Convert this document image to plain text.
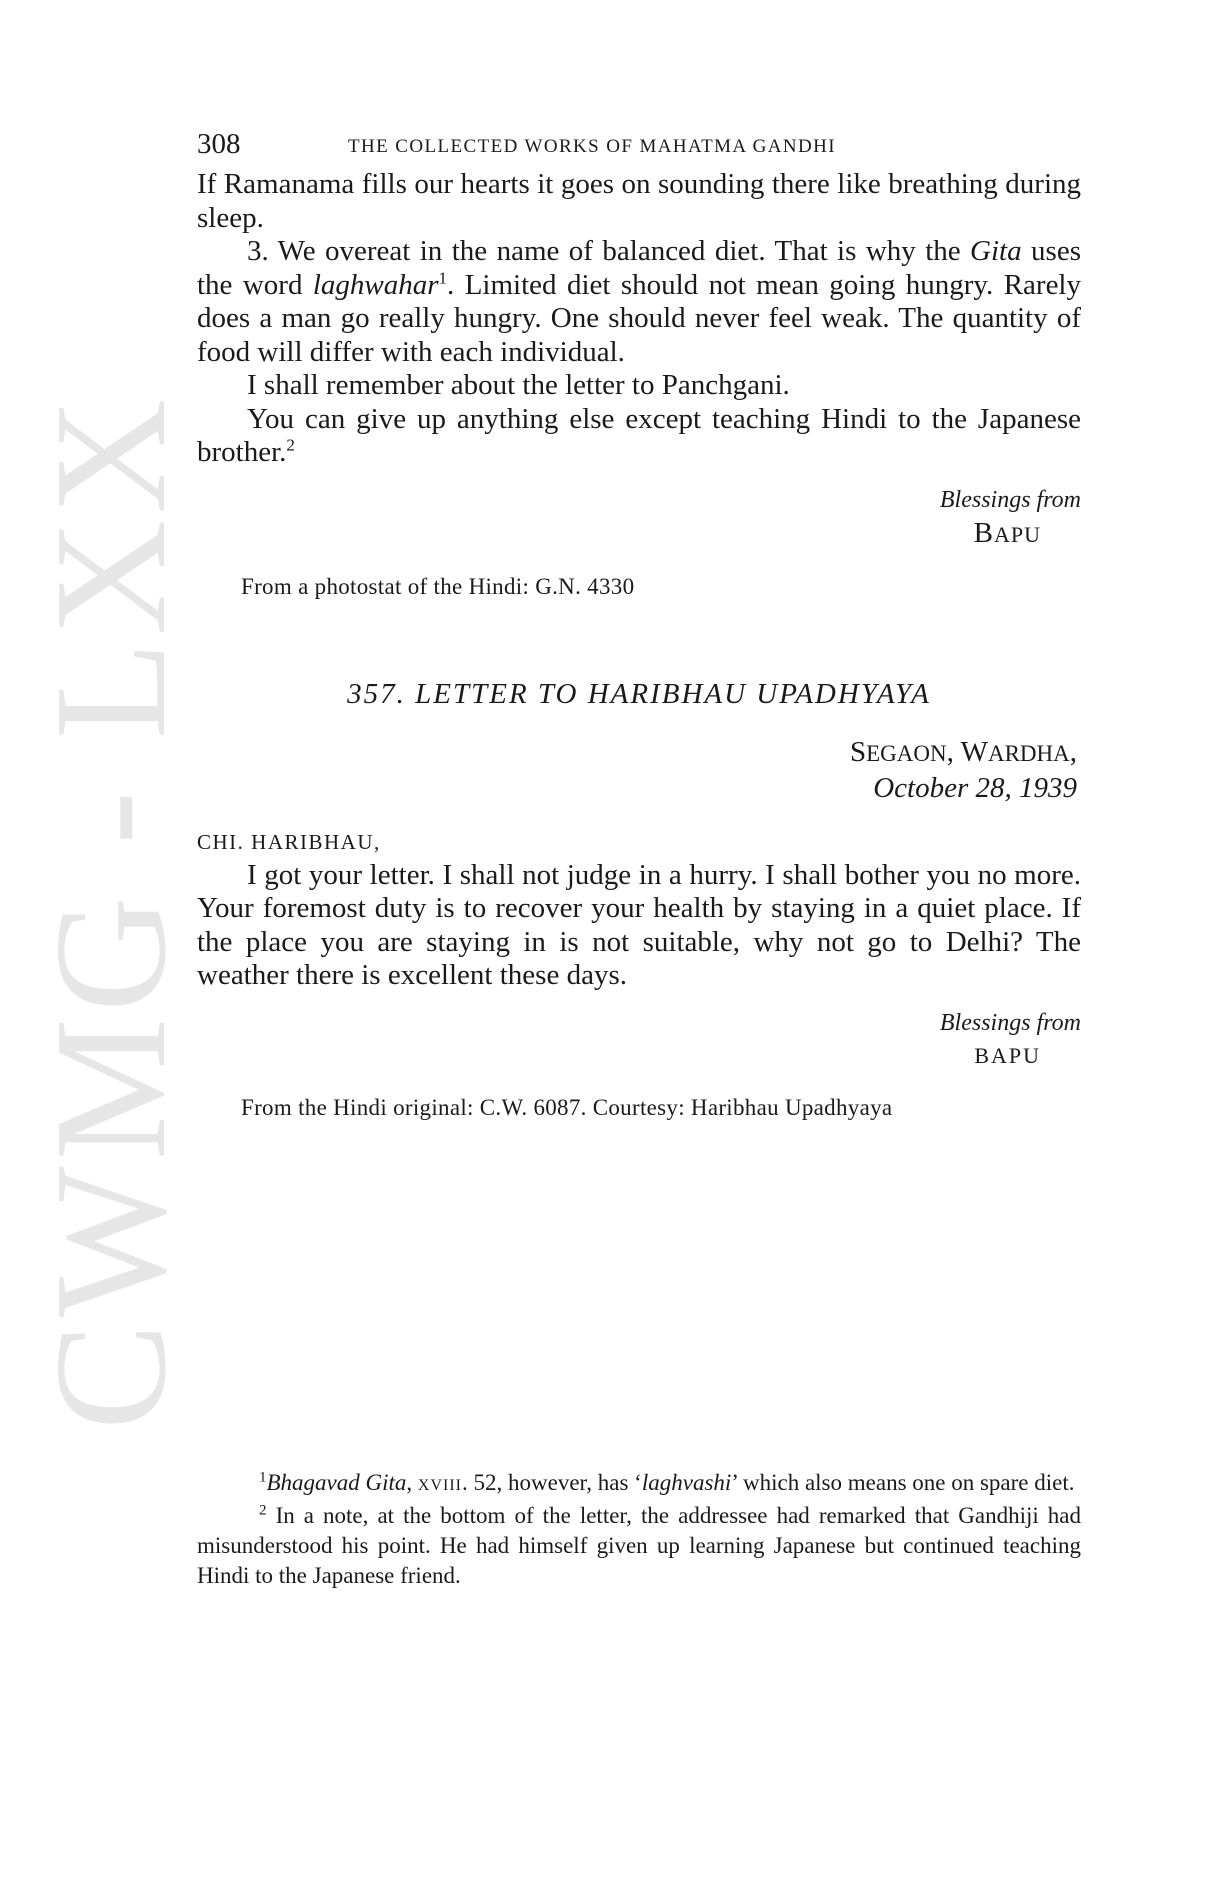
CWMG - LXX
308	THE COLLECTED WORKS OF MAHATMA GANDHI

If Ramanama fills our hearts it goes on sounding there like breathing during sleep.

3. We overeat in the name of balanced diet. That is why the Gita uses the word laghwahar$^1$. Limited diet should not mean going hungry. Rarely does a man go really hungry. One should never feel weak. The quantity of food will differ with each individual.

I shall remember about the letter to Panchgani.

You can give up anything else except teaching Hindi to the Japanese brother.$^2$

Blessings from
BAPU
From a photostat of the Hindi: G.N. 4330
357. LETTER TO HARIBHAU UPADHYAYA
SEGAON, WARDHA,
October 28, 1939
CHI. HARIBHAU,

I got your letter. I shall not judge in a hurry. I shall bother you no more. Your foremost duty is to recover your health by staying in a quiet place. If the place you are staying in is not suitable, why not go to Delhi? The weather there is excellent these days.

Blessings from
BAPU
From the Hindi original: C.W. 6087. Courtesy: Haribhau Upadhyaya

$^1$Bhagavad Gita, XVIII. 52, however, has ‘laghvashi’ which also means one on spare diet.

$^2$ In a note, at the bottom of the letter, the addressee had remarked that Gandhiji had misunderstood his point. He had himself given up learning Japanese but continued teaching Hindi to the Japanese friend.
